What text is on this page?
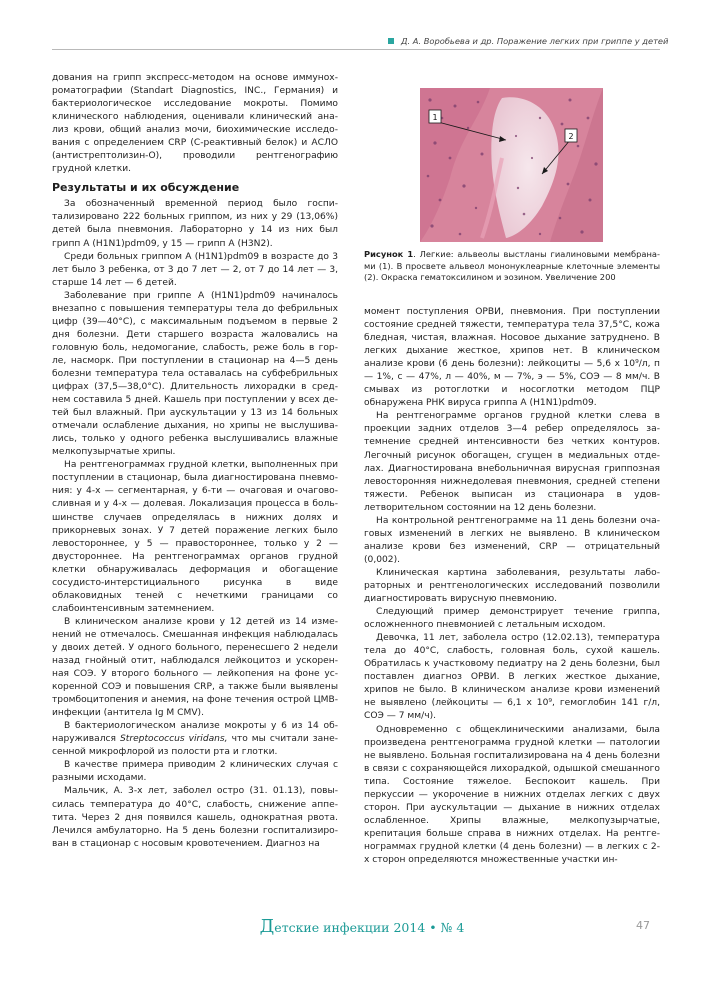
Д. А. Воробьева и др. Поражение легких при гриппе у детей

дования на грипп экспресс-методом на основе иммунохроматографии (Standart Diagnostics, INC., Германия) и бактериологическое исследование мокроты. Помимо клинического наблюдения, оценивали клинический анализ крови, общий анализ мочи, биохимические исследования с определением CRP (С-реактивный белок) и АСЛО (антистрептолизин-О), проводили рентгенографию грудной клетки.

Результаты и их обсуждение

За обозначенный временной период было госпитализировано 222 больных гриппом, из них у 29 (13,06%) детей была пневмония. Лабораторно у 14 из них был грипп А (H1N1)pdm09, у 15 — грипп А (H3N2).

Среди больных гриппом А (H1N1)pdm09 в возрасте до 3 лет было 3 ребенка, от 3 до 7 лет — 2, от 7 до 14 лет — 3, старше 14 лет — 6 детей.

Заболевание при гриппе А (H1N1)pdm09 начиналось внезапно с повышения температуры тела до фебрильных цифр (39—40°С), с максимальным подъемом в первые 2 дня болезни. Дети старшего возраста жаловались на головную боль, недомогание, слабость, реже боль в горле, насморк. При поступлении в стационар на 4—5 день болезни температура тела оставалась на субфебрильных цифрах (37,5—38,0°С). Длительность лихорадки в среднем составила 5 дней. Кашель при поступлении у всех детей был влажный. При аускультации у 13 из 14 больных отмечали ослабление дыхания, но хрипы не выслушивались, только у одного ребенка выслушивались влажные мелкопузырчатые хрипы.

На рентгенограммах грудной клетки, выполненных при поступлении в стационар, была диагностирована пневмония: у 4-х — сегментарная, у 6-ти — очаговая и очаговосливная и у 4-х — долевая. Локализация процесса в большинстве случаев определялась в нижних долях и прикорневых зонах. У 7 детей поражение легких было левостороннее, у 5 — правостороннее, только у 2 — двустороннее. На рентгенограммах органов грудной клетки обнаруживалась деформация и обогащение сосудисто-интерстициального рисунка в виде облаковидных теней с нечеткими границами со слабоинтенсивным затемнением.

В клиническом анализе крови у 12 детей из 14 изменений не отмечалось. Смешанная инфекция наблюдалась у двоих детей. У одного больного, перенесшего 2 недели назад гнойный отит, наблюдался лейкоцитоз и ускоренная СОЭ. У второго больного — лейкопения на фоне ускоренной СОЭ и повышения CRP, а также были выявлены тромбоцитопения и анемия, на фоне течения острой ЦМВ-инфекции (антитела Ig M CMV).

В бактериологическом анализе мокроты у 6 из 14 обнаруживался Streptococcus viridans, что мы считали занесенной микрофлорой из полости рта и глотки.

В качестве примера приводим 2 клинических случая с разными исходами.

Мальчик, А. 3-х лет, заболел остро (31. 01.13), повысилась температура до 40°С, слабость, снижение аппетита. Через 2 дня появился кашель, однократная рвота. Лечился амбулаторно. На 5 день болезни госпитализирован в стационар с носовым кровотечением. Диагноз на

1
2
Рисунок 1. Легкие: альвеолы выстланы гиалиновыми мембранами (1). В просвете альвеол мононуклеарные клеточные элементы (2). Окраска гематоксилином и эозином. Увеличение 200

момент поступления ОРВИ, пневмония. При поступлении состояние средней тяжести, температура тела 37,5°С, кожа бледная, чистая, влажная. Носовое дыхание затруднено. В легких дыхание жесткое, хрипов нет. В клиническом анализе крови (6 день болезни): лейкоциты — 5,6 х 10⁹/л, п — 1%, с — 47%, л — 40%, м — 7%, э — 5%, СОЭ — 8 мм/ч. В смывах из ротоглотки и носоглотки методом ПЦР обнаружена РНК вируса гриппа А (H1N1)pdm09.

На рентгенограмме органов грудной клетки слева в проекции задних отделов 3—4 ребер определялось затемнение средней интенсивности без четких контуров. Легочный рисунок обогащен, сгущен в медиальных отделах. Диагностирована внебольничная вирусная гриппозная левосторонняя нижнедолевая пневмония, средней степени тяжести. Ребенок выписан из стационара в удовлетворительном состоянии на 12 день болезни.

На контрольной рентгенограмме на 11 день болезни очаговых изменений в легких не выявлено. В клиническом анализе крови без изменений, CRP — отрицательный (0,002).

Клиническая картина заболевания, результаты лабораторных и рентгенологических исследований позволили диагностировать вирусную пневмонию.

Следующий пример демонстрирует течение гриппа, осложненного пневмонией с летальным исходом.

Девочка, 11 лет, заболела остро (12.02.13), температура тела до 40°С, слабость, головная боль, сухой кашель. Обратилась к участковому педиатру на 2 день болезни, был поставлен диагноз ОРВИ. В легких жесткое дыхание, хрипов не было. В клиническом анализе крови изменений не выявлено (лейкоциты — 6,1 х 10⁹, гемоглобин 141 г/л, СОЭ — 7 мм/ч).

Одновременно с общеклиническими анализами, была произведена рентгенограмма грудной клетки — патологии не выявлено. Больная госпитализирована на 4 день болезни в связи с сохраняющейся лихорадкой, одышкой смешанного типа. Состояние тяжелое. Беспокоит кашель. При перкуссии — укорочение в нижних отделах легких с двух сторон. При аускультации — дыхание в нижних отделах ослабленное. Хрипы влажные, мелкопузырчатые, крепитация больше справа в нижних отделах. На рентгенограммах грудной клетки (4 день болезни) — в легких с 2-х сторон определяются множественные участки ин-

Детские инфекции 2014 • № 4	47
